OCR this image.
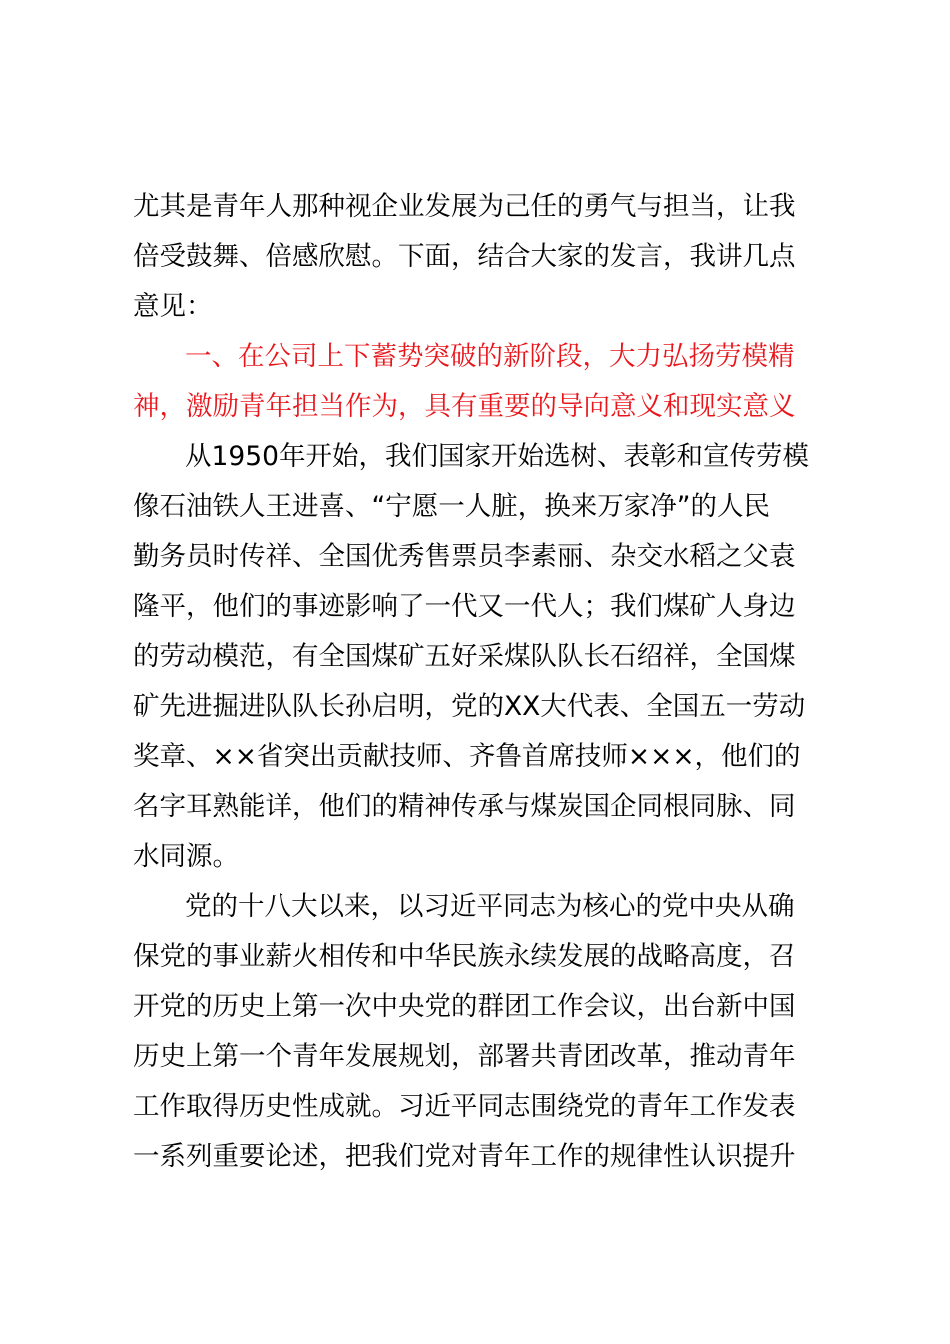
尤其是青年人那种视企业发展为己任的勇气与担当，让我
倍受鼓舞、倍感欣慰。下面，结合大家的发言，我讲几点
意见：
一、在公司上下蓄势突破的新阶段，大力弘扬劳模精
神，激励青年担当作为，具有重要的导向意义和现实意义
从1950年开始，我们国家开始选树、表彰和宣传劳模
像石油铁人王进喜、“宁愿一人脏，换来万家净”的人民
勤务员时传祥、全国优秀售票员李素丽、杂交水稻之父袁
隆平，他们的事迹影响了一代又一代人；我们煤矿人身边
的劳动模范，有全国煤矿五好采煤队队长石绍祥，全国煤
矿先进掘进队队长孙启明，党的XX大代表、全国五一劳动
奖章、××省突出贡献技师、齐鲁首席技师×××，他们的
名字耳熟能详，他们的精神传承与煤炭国企同根同脉、同
水同源。
党的十八大以来，以习近平同志为核心的党中央从确
保党的事业薪火相传和中华民族永续发展的战略高度，召
开党的历史上第一次中央党的群团工作会议，出台新中国
历史上第一个青年发展规划，部署共青团改革，推动青年
工作取得历史性成就。习近平同志围绕党的青年工作发表
一系列重要论述，把我们党对青年工作的规律性认识提升
